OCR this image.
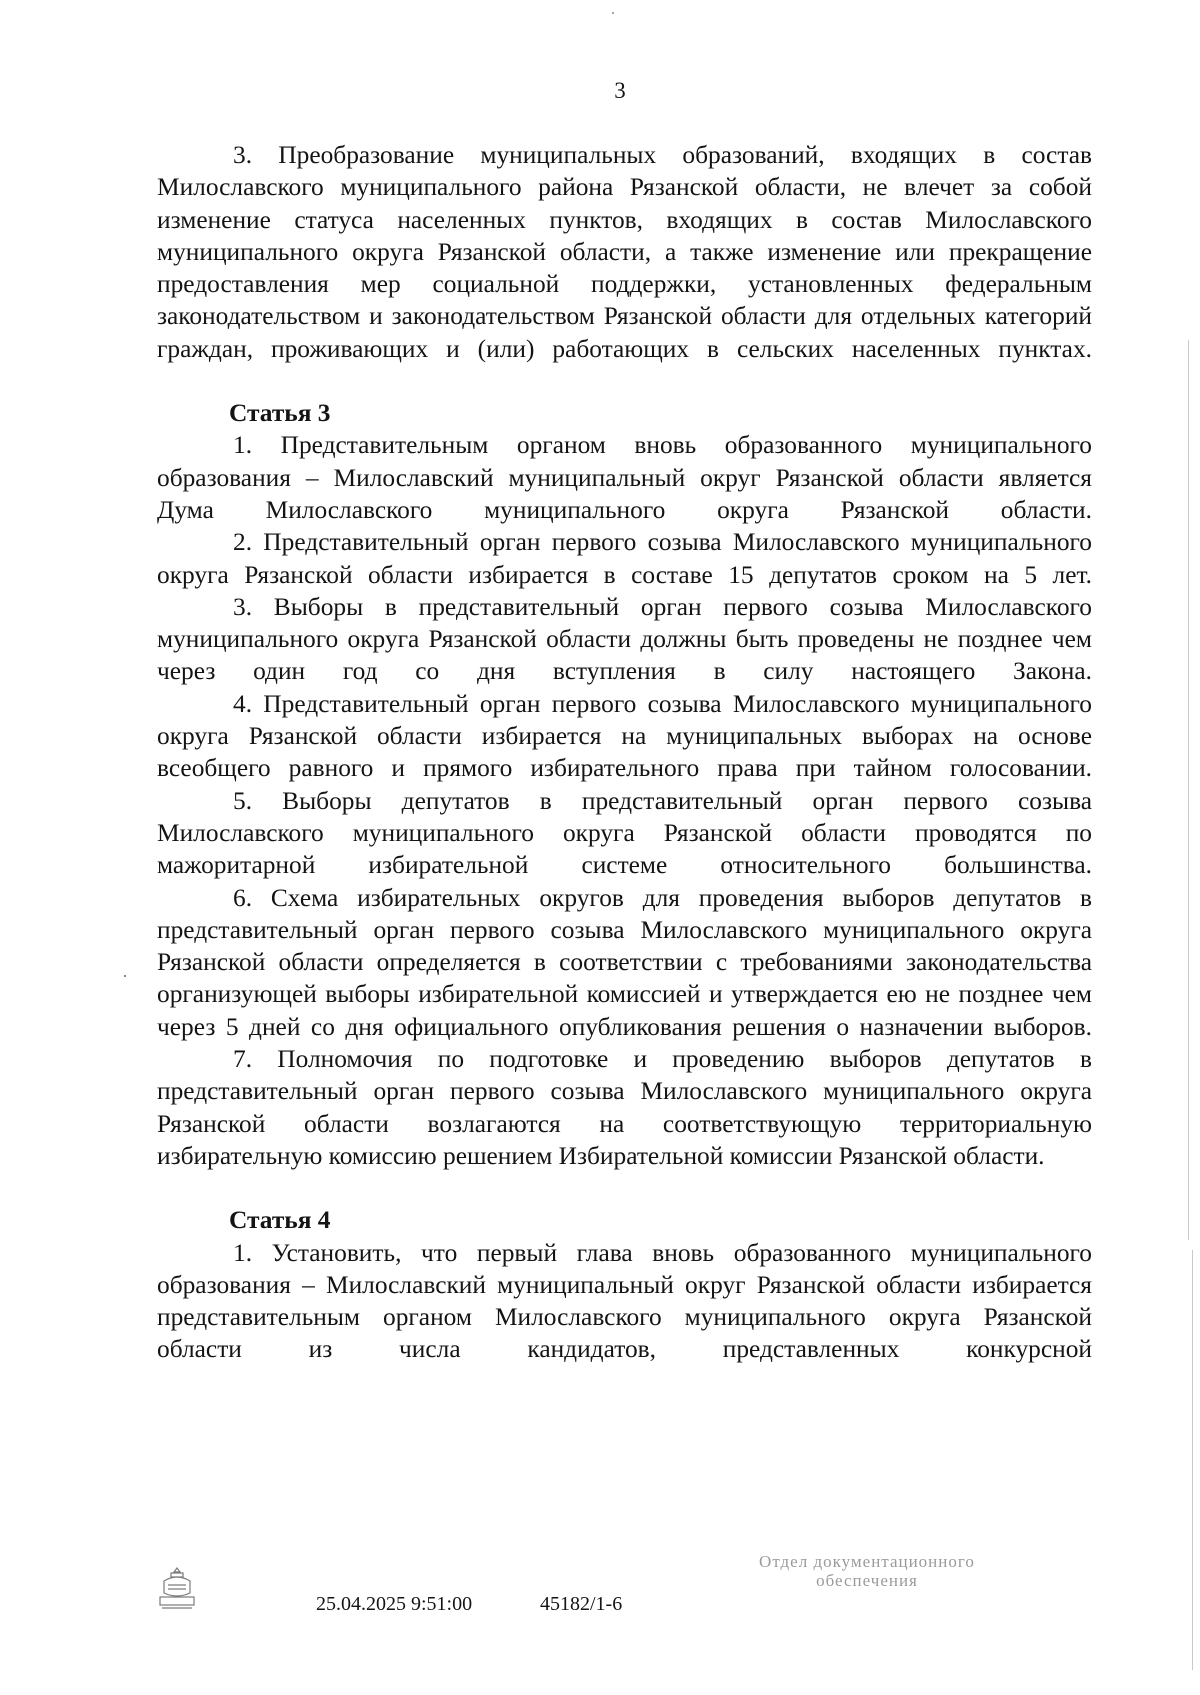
3

3. Преобразование муниципальных образований, входящих в состав Милославского муниципального района Рязанской области, не влечет за собой изменение статуса населенных пунктов, входящих в состав Милославского муниципального округа Рязанской области, а также изменение или прекращение предоставления мер социальной поддержки, установленных федеральным законодательством и законодательством Рязанской области для отдельных категорий граждан, проживающих и (или) работающих в сельских населенных пунктах.

Статья 3

1. Представительным органом вновь образованного муниципального образования – Милославский муниципальный округ Рязанской области является Дума Милославского муниципального округа Рязанской области.

2. Представительный орган первого созыва Милославского муниципального округа Рязанской области избирается в составе 15 депутатов сроком на 5 лет.

3. Выборы в представительный орган первого созыва Милославского муниципального округа Рязанской области должны быть проведены не позднее чем через один год со дня вступления в силу настоящего Закона.

4. Представительный орган первого созыва Милославского муниципального округа Рязанской области избирается на муниципальных выборах на основе всеобщего равного и прямого избирательного права при тайном голосовании.

5. Выборы депутатов в представительный орган первого созыва Милославского муниципального округа Рязанской области проводятся по мажоритарной избирательной системе относительного большинства.

6. Схема избирательных округов для проведения выборов депутатов в представительный орган первого созыва Милославского муниципального округа Рязанской области определяется в соответствии с требованиями законодательства организующей выборы избирательной комиссией и утверждается ею не позднее чем через 5 дней со дня официального опубликования решения о назначении выборов.

7. Полномочия по подготовке и проведению выборов депутатов в представительный орган первого созыва Милославского муниципального округа Рязанской области возлагаются на соответствующую территориальную избирательную комиссию решением Избирательной комиссии Рязанской области.

Статья 4

1. Установить, что первый глава вновь образованного муниципального образования – Милославский муниципальный округ Рязанской области избирается представительным органом Милославского муниципального округа Рязанской области из числа кандидатов, представленных конкурсной

25.04.2025 9:51:00	45182/1-6
Отдел документационного
обеспечения
